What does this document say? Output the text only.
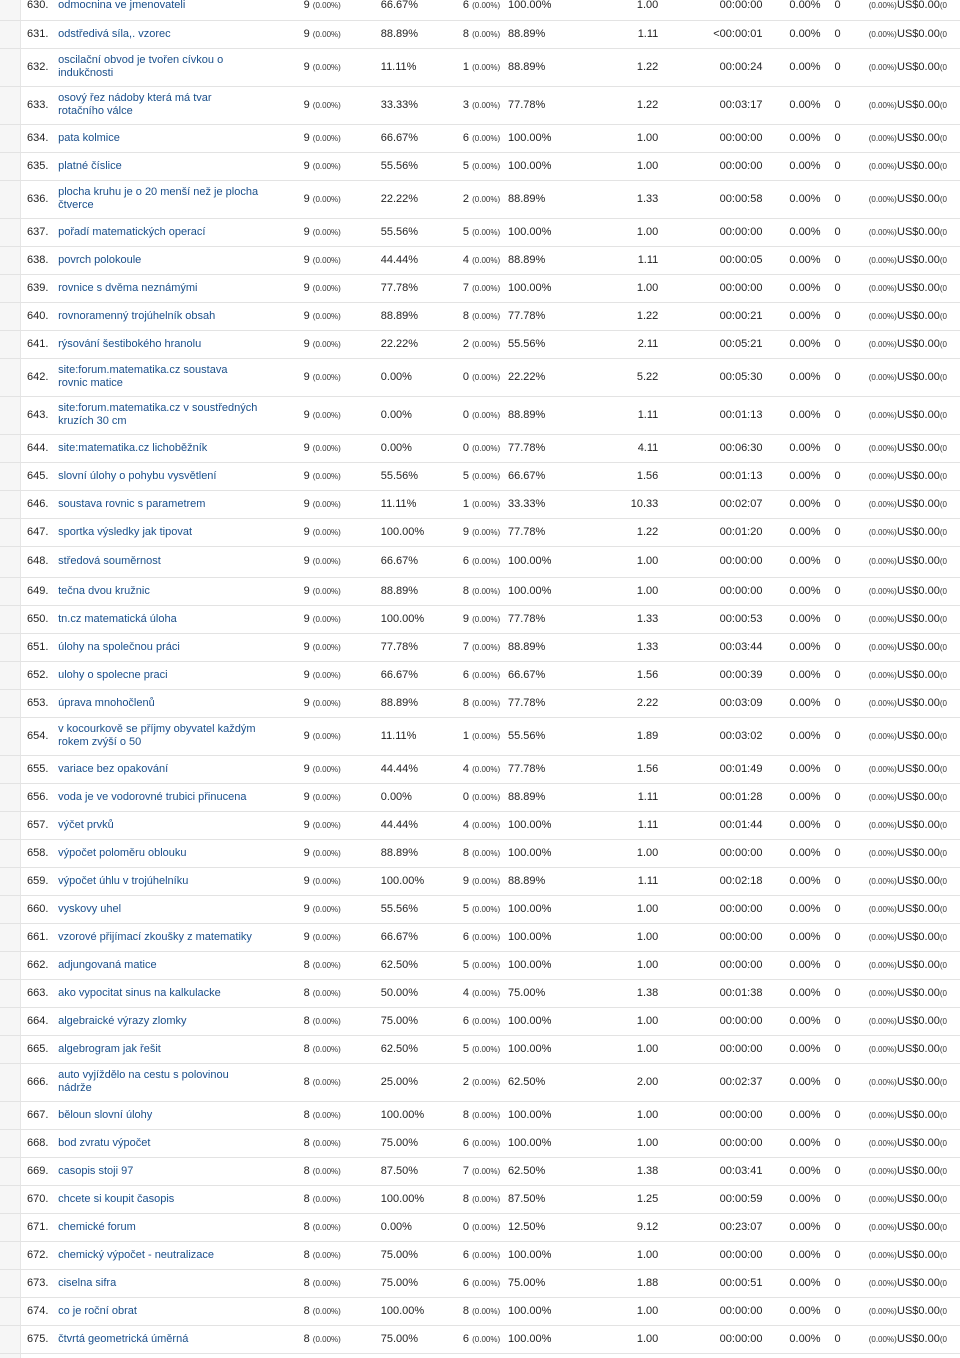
630.	odmocnina ve jmenovateli	9 (0.00%)	66.67%	6 (0.00%)	100.00%	1.00	00:00:00	0.00%	0	(0.00%)	US$0.00	(0
631.	odstředivá síla,. vzorec	9 (0.00%)	88.89%	8 (0.00%)	88.89%	1.11	<00:00:01	0.00%	0	(0.00%)	US$0.00	(0
632.	oscilační obvod je tvořen cívkou o indukčnosti	9 (0.00%)	11.11%	1 (0.00%)	88.89%	1.22	00:00:24	0.00%	0	(0.00%)	US$0.00	(0
633.	osový řez nádoby která má tvar rotačního válce	9 (0.00%)	33.33%	3 (0.00%)	77.78%	1.22	00:03:17	0.00%	0	(0.00%)	US$0.00	(0
634.	pata kolmice	9 (0.00%)	66.67%	6 (0.00%)	100.00%	1.00	00:00:00	0.00%	0	(0.00%)	US$0.00	(0
635.	platné číslice	9 (0.00%)	55.56%	5 (0.00%)	100.00%	1.00	00:00:00	0.00%	0	(0.00%)	US$0.00	(0
636.	plocha kruhu je o 20 menší než je plocha čtverce	9 (0.00%)	22.22%	2 (0.00%)	88.89%	1.33	00:00:58	0.00%	0	(0.00%)	US$0.00	(0
637.	pořadí matematických operací	9 (0.00%)	55.56%	5 (0.00%)	100.00%	1.00	00:00:00	0.00%	0	(0.00%)	US$0.00	(0
638.	povrch polokoule	9 (0.00%)	44.44%	4 (0.00%)	88.89%	1.11	00:00:05	0.00%	0	(0.00%)	US$0.00	(0
639.	rovnice s dvěma neznámými	9 (0.00%)	77.78%	7 (0.00%)	100.00%	1.00	00:00:00	0.00%	0	(0.00%)	US$0.00	(0
640.	rovnoramenný trojúhelník obsah	9 (0.00%)	88.89%	8 (0.00%)	77.78%	1.22	00:00:21	0.00%	0	(0.00%)	US$0.00	(0
641.	rýsování šestibokého hranolu	9 (0.00%)	22.22%	2 (0.00%)	55.56%	2.11	00:05:21	0.00%	0	(0.00%)	US$0.00	(0
642.	site:forum.matematika.cz soustava rovnic matice	9 (0.00%)	0.00%	0 (0.00%)	22.22%	5.22	00:05:30	0.00%	0	(0.00%)	US$0.00	(0
643.	site:forum.matematika.cz v soustředných kruzích 30 cm	9 (0.00%)	0.00%	0 (0.00%)	88.89%	1.11	00:01:13	0.00%	0	(0.00%)	US$0.00	(0
644.	site:matematika.cz lichoběžník	9 (0.00%)	0.00%	0 (0.00%)	77.78%	4.11	00:06:30	0.00%	0	(0.00%)	US$0.00	(0
645.	slovní úlohy o pohybu vysvětlení	9 (0.00%)	55.56%	5 (0.00%)	66.67%	1.56	00:01:13	0.00%	0	(0.00%)	US$0.00	(0
646.	soustava rovnic s parametrem	9 (0.00%)	11.11%	1 (0.00%)	33.33%	10.33	00:02:07	0.00%	0	(0.00%)	US$0.00	(0
647.	sportka výsledky jak tipovat	9 (0.00%)	100.00%	9 (0.00%)	77.78%	1.22	00:01:20	0.00%	0	(0.00%)	US$0.00	(0
648.	středová souměrnost	9 (0.00%)	66.67%	6 (0.00%)	100.00%	1.00	00:00:00	0.00%	0	(0.00%)	US$0.00	(0
649.	tečna dvou kružnic	9 (0.00%)	88.89%	8 (0.00%)	100.00%	1.00	00:00:00	0.00%	0	(0.00%)	US$0.00	(0
650.	tn.cz matematická úloha	9 (0.00%)	100.00%	9 (0.00%)	77.78%	1.33	00:00:53	0.00%	0	(0.00%)	US$0.00	(0
651.	úlohy na společnou práci	9 (0.00%)	77.78%	7 (0.00%)	88.89%	1.33	00:03:44	0.00%	0	(0.00%)	US$0.00	(0
652.	ulohy o spolecne praci	9 (0.00%)	66.67%	6 (0.00%)	66.67%	1.56	00:00:39	0.00%	0	(0.00%)	US$0.00	(0
653.	úprava mnohočlenů	9 (0.00%)	88.89%	8 (0.00%)	77.78%	2.22	00:03:09	0.00%	0	(0.00%)	US$0.00	(0
654.	v kocourkově se příjmy obyvatel každým rokem zvýší o 50	9 (0.00%)	11.11%	1 (0.00%)	55.56%	1.89	00:03:02	0.00%	0	(0.00%)	US$0.00	(0
655.	variace bez opakování	9 (0.00%)	44.44%	4 (0.00%)	77.78%	1.56	00:01:49	0.00%	0	(0.00%)	US$0.00	(0
656.	voda je ve vodorovné trubici přinucena	9 (0.00%)	0.00%	0 (0.00%)	88.89%	1.11	00:01:28	0.00%	0	(0.00%)	US$0.00	(0
657.	výčet prvků	9 (0.00%)	44.44%	4 (0.00%)	100.00%	1.11	00:01:44	0.00%	0	(0.00%)	US$0.00	(0
658.	výpočet poloměru oblouku	9 (0.00%)	88.89%	8 (0.00%)	100.00%	1.00	00:00:00	0.00%	0	(0.00%)	US$0.00	(0
659.	výpočet úhlu v trojúhelníku	9 (0.00%)	100.00%	9 (0.00%)	88.89%	1.11	00:02:18	0.00%	0	(0.00%)	US$0.00	(0
660.	vyskovy uhel	9 (0.00%)	55.56%	5 (0.00%)	100.00%	1.00	00:00:00	0.00%	0	(0.00%)	US$0.00	(0
661.	vzorové přijímací zkoušky z matematiky	9 (0.00%)	66.67%	6 (0.00%)	100.00%	1.00	00:00:00	0.00%	0	(0.00%)	US$0.00	(0
662.	adjungovaná matice	8 (0.00%)	62.50%	5 (0.00%)	100.00%	1.00	00:00:00	0.00%	0	(0.00%)	US$0.00	(0
663.	ako vypocitat sinus na kalkulacke	8 (0.00%)	50.00%	4 (0.00%)	75.00%	1.38	00:01:38	0.00%	0	(0.00%)	US$0.00	(0
664.	algebraické výrazy zlomky	8 (0.00%)	75.00%	6 (0.00%)	100.00%	1.00	00:00:00	0.00%	0	(0.00%)	US$0.00	(0
665.	algebrogram jak řešit	8 (0.00%)	62.50%	5 (0.00%)	100.00%	1.00	00:00:00	0.00%	0	(0.00%)	US$0.00	(0
666.	auto vyjíždělo na cestu s polovinou nádrže	8 (0.00%)	25.00%	2 (0.00%)	62.50%	2.00	00:02:37	0.00%	0	(0.00%)	US$0.00	(0
667.	běloun slovní úlohy	8 (0.00%)	100.00%	8 (0.00%)	100.00%	1.00	00:00:00	0.00%	0	(0.00%)	US$0.00	(0
668.	bod zvratu výpočet	8 (0.00%)	75.00%	6 (0.00%)	100.00%	1.00	00:00:00	0.00%	0	(0.00%)	US$0.00	(0
669.	casopis stoji 97	8 (0.00%)	87.50%	7 (0.00%)	62.50%	1.38	00:03:41	0.00%	0	(0.00%)	US$0.00	(0
670.	chcete si koupit časopis	8 (0.00%)	100.00%	8 (0.00%)	87.50%	1.25	00:00:59	0.00%	0	(0.00%)	US$0.00	(0
671.	chemické forum	8 (0.00%)	0.00%	0 (0.00%)	12.50%	9.12	00:23:07	0.00%	0	(0.00%)	US$0.00	(0
672.	chemický výpočet - neutralizace	8 (0.00%)	75.00%	6 (0.00%)	100.00%	1.00	00:00:00	0.00%	0	(0.00%)	US$0.00	(0
673.	ciselna sifra	8 (0.00%)	75.00%	6 (0.00%)	75.00%	1.88	00:00:51	0.00%	0	(0.00%)	US$0.00	(0
674.	co je roční obrat	8 (0.00%)	100.00%	8 (0.00%)	100.00%	1.00	00:00:00	0.00%	0	(0.00%)	US$0.00	(0
675.	čtvrtá geometrická úměrná	8 (0.00%)	75.00%	6 (0.00%)	100.00%	1.00	00:00:00	0.00%	0	(0.00%)	US$0.00	(0
